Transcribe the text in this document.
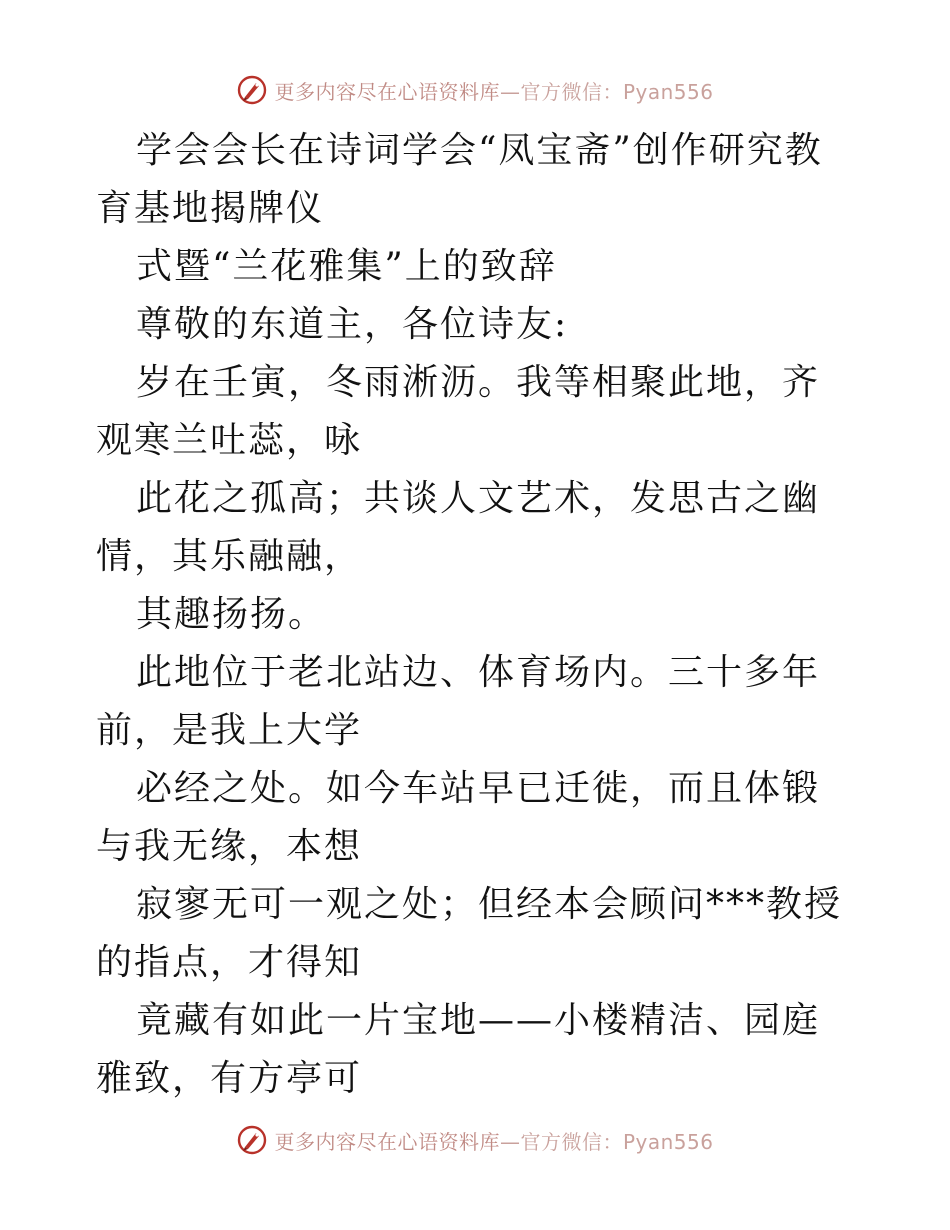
更多内容尽在心语资料库—官方微信：Pyan556

学会会长在诗词学会“凤宝斋”创作研究教育基地揭牌仪

式暨“兰花雅集”上的致辞

尊敬的东道主，各位诗友:

岁在壬寅，冬雨淅沥。我等相聚此地，齐观寒兰吐蕊，咏

此花之孤高；共谈人文艺术，发思古之幽情，其乐融融，

其趣扬扬。

此地位于老北站边、体育场内。三十多年前，是我上大学

必经之处。如今车站早已迁徙，而且体锻与我无缘，本想

寂寥无可一观之处；但经本会顾问***教授的指点，才得知

竟藏有如此一片宝地——小楼精洁、园庭雅致，有方亭可

更多内容尽在心语资料库—官方微信：Pyan556
